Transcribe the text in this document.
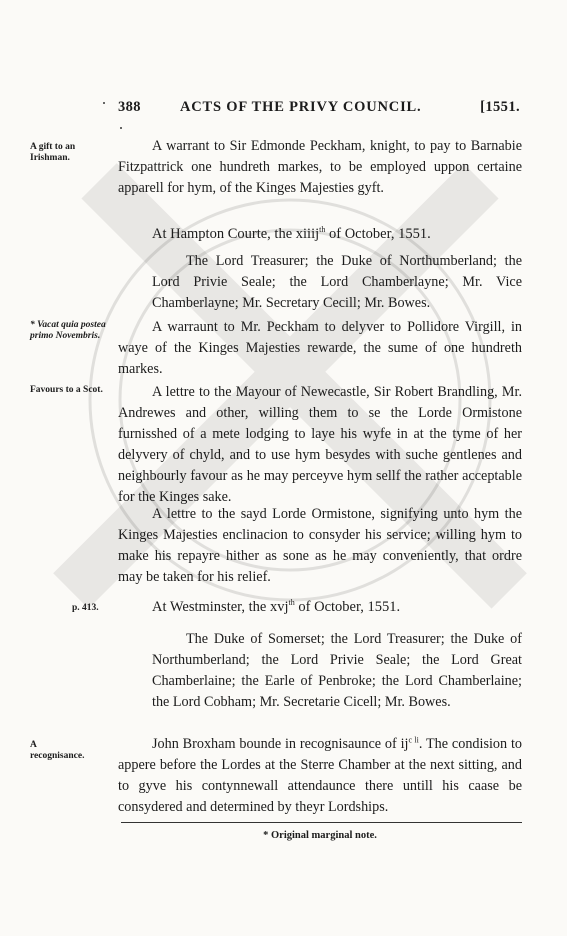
388	ACTS OF THE PRIVY COUNCIL.	[1551.
A gift to an Irishman.
A warrant to Sir Edmonde Peckham, knight, to pay to Barnabie Fitzpattrick one hundreth markes, to be employed uppon certaine apparell for hym, of the Kinges Majesties gyft.
At Hampton Courte, the xiiij$^{th}$ of October, 1551.
The Lord Treasurer; the Duke of Northumberland; the Lord Privie Seale; the Lord Chamberlayne; Mr. Vice Chamberlayne; Mr. Secretary Cecill; Mr. Bowes.
* Vacat quia postea primo Novembris.
A warraunt to Mr. Peckham to delyver to Pollidore Virgill, in waye of the Kinges Majesties rewarde, the sume of one hundreth markes.
Favours to a Scot.	A lettre to the Mayour of Newecastle, Sir Robert Brandling, Mr. Andrewes and other, willing them to se the Lorde Ormistone furnisshed of a mete lodging to laye his wyfe in at the tyme of her delyvery of chyld, and to use hym besydes with suche gentlenes and neighbourly favour as he may perceyve hym sellf the rather acceptable for the Kinges sake.
A lettre to the sayd Lorde Ormistone, signifying unto hym the Kinges Majesties enclinacion to consyder his service; willing hym to make his repayre hither as sone as he may conveniently, that ordre may be taken for his relief.
p. 413.	At Westminster, the xvj$^{th}$ of October, 1551.
The Duke of Somerset; the Lord Treasurer; the Duke of Northumberland; the Lord Privie Seale; the Lord Great Chamberlaine; the Earle of Penbroke; the Lord Chamberlaine; the Lord Cobham; Mr. Secretarie Cicell; Mr. Bowes.
A recognisance.
John Broxham bounde in recognisaunce of $ij^{c li}$. The condision to appere before the Lordes at the Sterre Chamber at the next sitting, and to gyve his contynnewall attendaunce there untill his caase be consydered and determined by theyr Lordships.
* Original marginal note.
